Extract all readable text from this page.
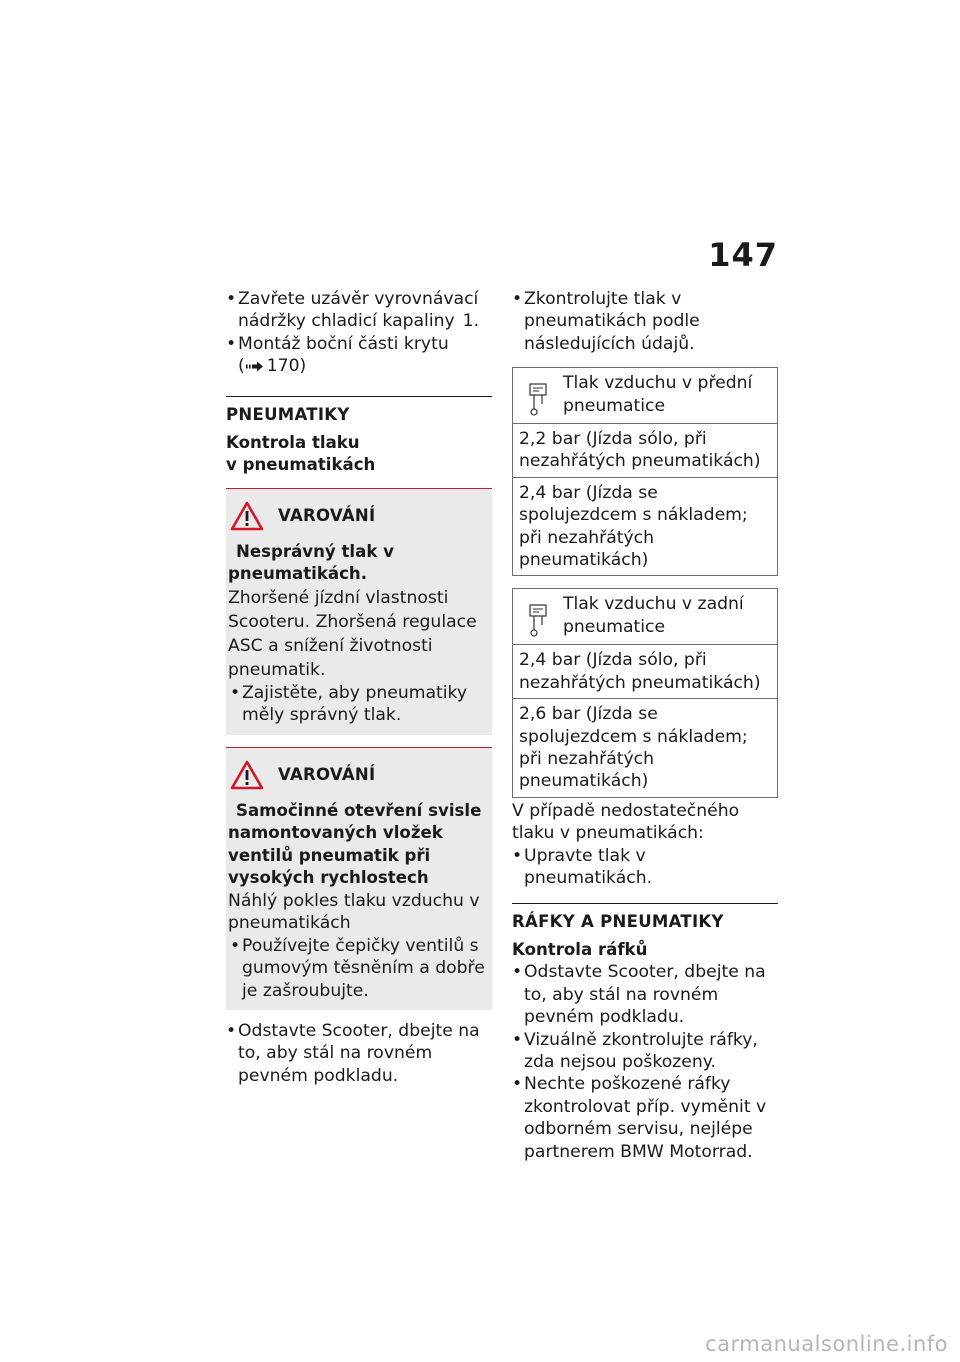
147
• Zavřete uzávěr vyrovnávací nádržky chladicí kapaliny 1.
• Montáž boční části krytu

( 170)
PNEUMATIKY
Kontrola tlaku v pneumatikách
VAROVÁNÍ
Nesprávný tlak v pneumatikách.
Zhoršené jízdní vlastnosti Scooteru. Zhoršená regulace ASC a snížení životnosti pneumatik.
• Zajistěte, aby pneumatiky měly správný tlak.
VAROVÁNÍ
Samočinné otevření svisle namontovaných vložek ventilů pneumatik při vysokých rychlostech
Náhlý pokles tlaku vzduchu v pneumatikách
• Používejte čepičky ventilů s gumovým těsněním a dobře je zašroubujte.
• Odstavte Scooter, dbejte na to, aby stál na rovném pevném podkladu.
• Zkontrolujte tlak v pneumatikách podle následujících údajů.
Tlak vzduchu v přední pneumatice
2,2 bar (Jízda sólo, při nezahřátých pneumatikách)
2,4 bar (Jízda se spolujezdcem s nákladem; při nezahřátých pneumatikách)
Tlak vzduchu v zadní pneumatice
2,4 bar (Jízda sólo, při nezahřátých pneumatikách)
2,6 bar (Jízda se spolujezdcem s nákladem; při nezahřátých pneumatikách)
V případě nedostatečného tlaku v pneumatikách:
• Upravte tlak v pneumatikách.
RÁFKY A PNEUMATIKY
Kontrola ráfků
• Odstavte Scooter, dbejte na to, aby stál na rovném pevném podkladu.
• Vizuálně zkontrolujte ráfky, zda nejsou poškozeny.
• Nechte poškozené ráfky zkontrolovat příp. vyměnit v odborném servisu, nejlépe partnerem BMW Motorrad.
carmanualsonline.info
